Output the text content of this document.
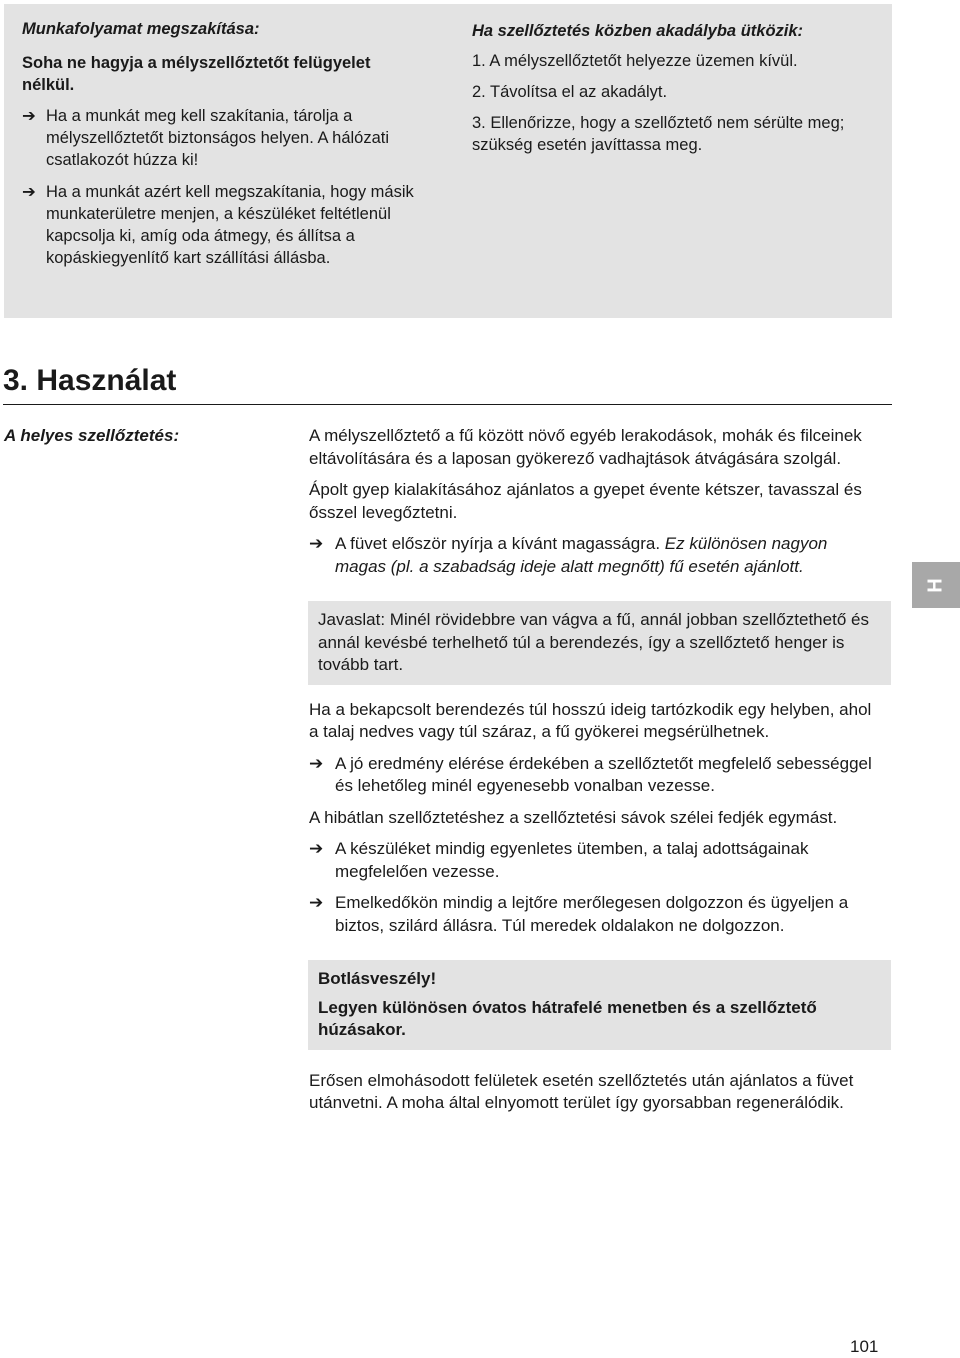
Munkafolyamat megszakítása:

Soha ne hagyja a mélyszellőztetőt felügyelet nélkül.

➔ Ha a munkát meg kell szakítania, tárolja a mélyszellőztetőt biztonságos helyen. A hálózati csatlakozót húzza ki!
➔ Ha a munkát azért kell megszakítania, hogy másik munkaterületre menjen, a készüléket feltétlenül kapcsolja ki, amíg oda átmegy, és állítsa a kopáskiegyenlítő kart szállítási állásba.

Ha szellőztetés közben akadályba ütközik:

1. A mélyszellőztetőt helyezze üzemen kívül.

2. Távolítsa el az akadályt.

3. Ellenőrizze, hogy a szellőztető nem sérülte meg; szükség esetén javíttassa meg.

3. Használat
A helyes szellőztetés:	A mélyszellőztető a fű között növő egyéb lerakodások, mohák és filceinek eltávolítására és a laposan gyökerező vadhajtások átvágására szolgál.

Ápolt gyep kialakításához ajánlatos a gyepet évente kétszer, tavasszal és ősszel levegőztetni.

➔ A füvet először nyírja a kívánt magasságra. Ez különösen nagyon magas (pl. a szabadság ideje alatt megnőtt) fű esetén ajánlott.
Javaslat: Minél rövidebbre van vágva a fű, annál jobban szellőztethető és annál kevésbé terhelhető túl a berendezés, így a szellőztető henger is tovább tart.

Ha a bekapcsolt berendezés túl hosszú ideig tartózkodik egy helyben, ahol a talaj nedves vagy túl száraz, a fű gyökerei megsérülhetnek.

➔ A jó eredmény elérése érdekében a szellőztetőt megfelelő sebességgel és lehetőleg minél egyenesebb vonalban vezesse.

A hibátlan szellőztetéshez a szellőztetési sávok szélei fedjék egymást.

➔ A készüléket mindig egyenletes ütemben, a talaj adottságainak megfelelően vezesse.
➔ Emelkedőkön mindig a lejtőre merőlegesen dolgozzon és ügyeljen a biztos, szilárd állásra. Túl meredek oldalakon ne dolgozzon.
Botlásveszély!
Legyen különösen óvatos hátrafelé menetben és a szellőztető húzásakor.

Erősen elmohásodott felületek esetén szellőztetés után ajánlatos a füvet utánvetni. A moha által elnyomott terület így gyorsabban regenerálódik.

H
101
